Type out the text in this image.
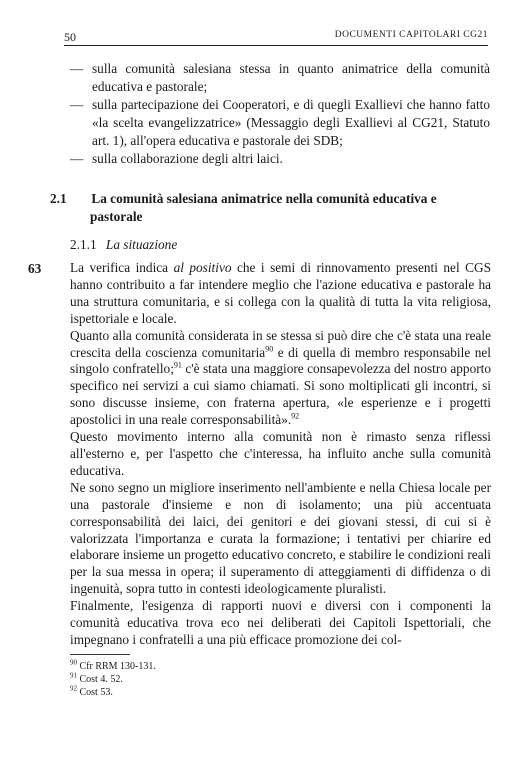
50	DOCUMENTI CAPITOLARI CG21

— sulla comunità salesiana stessa in quanto animatrice della comunità educativa e pastorale;

— sulla partecipazione dei Cooperatori, e di quegli Exallievi che hanno fatto «la scelta evangelizzatrice» (Messaggio degli Exallievi al CG21, Statuto art. 1), all'opera educativa e pastorale dei SDB;

— sulla collaborazione degli altri laici.

2.1 La comunità salesiana animatrice nella comunità educativa e pastorale
2.1.1 La situazione
63 La verifica indica al positivo che i semi di rinnovamento presenti nel CGS hanno contribuito a far intendere meglio che l'azione educativa e pastorale ha una struttura comunitaria, e si collega con la qualità di tutta la vita religiosa, ispettoriale e locale.

Quanto alla comunità considerata in se stessa si può dire che c'è stata una reale crescita della coscienza comunitaria$^{90}$ e di quella di membro responsabile nel singolo confratello;$^{91}$ c'è stata una maggiore consapevolezza del nostro apporto specifico nei servizi a cui siamo chiamati. Si sono moltiplicati gli incontri, si sono discusse insieme, con fraterna apertura, «le esperienze e i progetti apostolici in una reale corresponsabilità».$^{92}$

Questo movimento interno alla comunità non è rimasto senza riflessi all'esterno e, per l'aspetto che c'interessa, ha influito anche sulla comunità educativa.

Ne sono segno un migliore inserimento nell'ambiente e nella Chiesa locale per una pastorale d'insieme e non di isolamento; una più accentuata corresponsabilità dei laici, dei genitori e dei giovani stessi, di cui si è valorizzata l'importanza e curata la formazione; i tentativi per chiarire ed elaborare insieme un progetto educativo concreto, e stabilire le condizioni reali per la sua messa in opera; il superamento di atteggiamenti di diffidenza o di ingenuità, sopra tutto in contesti ideologicamente pluralisti.

Finalmente, l'esigenza di rapporti nuovi e diversi con i componenti la comunità educativa trova eco nei deliberati dei Capitoli Ispettoriali, che impegnano i confratelli a una più efficace promozione dei col-

$^{90}$ Cfr RRM 130-131.
$^{91}$ Cost 4. 52.
$^{92}$ Cost 53.
